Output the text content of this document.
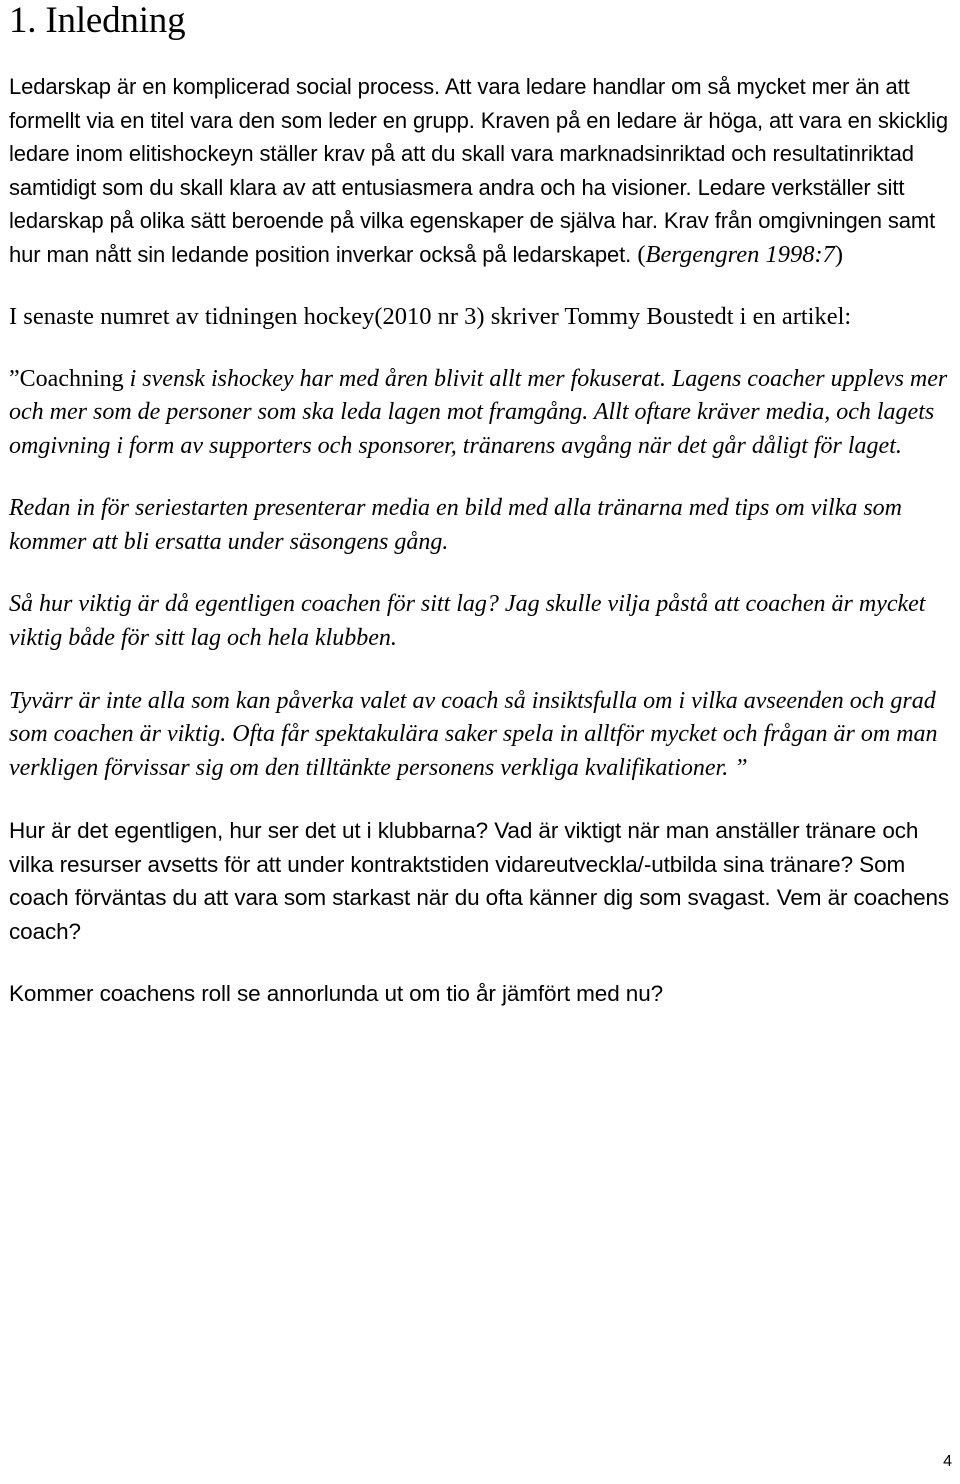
1. Inledning

Ledarskap är en komplicerad social process. Att vara ledare handlar om så mycket mer än att formellt via en titel vara den som leder en grupp. Kraven på en ledare är höga, att vara en skicklig ledare inom elitishockeyn ställer krav på att du skall vara marknadsinriktad och resultatinriktad samtidigt som du skall klara av att entusiasmera andra och ha visioner. Ledare verkställer sitt ledarskap på olika sätt beroende på vilka egenskaper de själva har. Krav från omgivningen samt hur man nått sin ledande position inverkar också på ledarskapet. (Bergengren 1998:7)

I senaste numret av tidningen hockey(2010 nr 3) skriver Tommy Boustedt i en artikel:

”Coachning i svensk ishockey har med åren blivit allt mer fokuserat. Lagens coacher upplevs mer och mer som de personer som ska leda lagen mot framgång. Allt oftare kräver media, och lagets omgivning i form av supporters och sponsorer, tränarens avgång när det går dåligt för laget.

Redan in för seriestarten presenterar media en bild med alla tränarna med tips om vilka som kommer att bli ersatta under säsongens gång.

Så hur viktig är då egentligen coachen för sitt lag? Jag skulle vilja påstå att coachen är mycket viktig både för sitt lag och hela klubben.

Tyvärr är inte alla som kan påverka valet av coach så insiktsfulla om i vilka avseenden och grad som coachen är viktig. Ofta får spektakulära saker spela in alltför mycket och frågan är om man verkligen förvissar sig om den tilltänkte personens verkliga kvalifikationer. ”

Hur är det egentligen, hur ser det ut i klubbarna? Vad är viktigt när man anställer tränare och vilka resurser avsetts för att under kontraktstiden vidareutveckla/-utbilda sina tränare? Som coach förväntas du att vara som starkast när du ofta känner dig som svagast. Vem är coachens coach?

Kommer coachens roll se annorlunda ut om tio år jämfört med nu?

4
